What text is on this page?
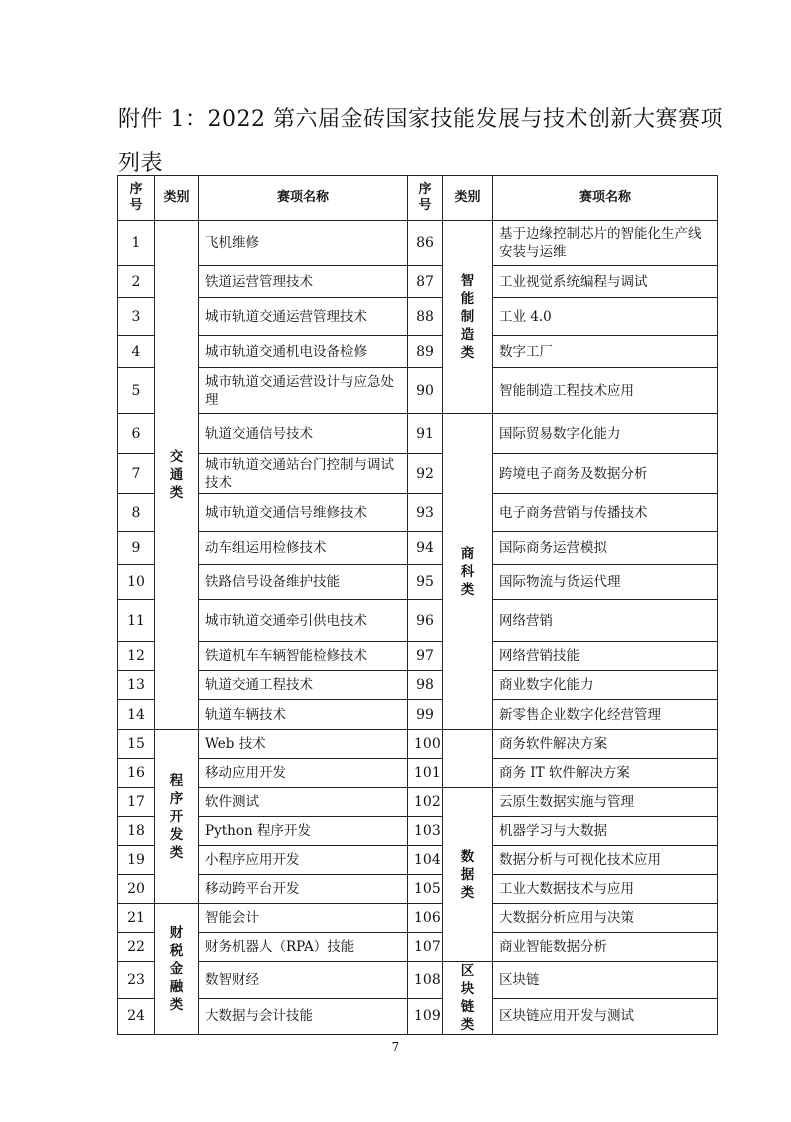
附件 1：2022 第六届金砖国家技能发展与技术创新大赛赛项列表
序号	类别	赛项名称	序号	类别	赛项名称
1	交通类	飞机维修	86	智能制造类	基于边缘控制芯片的智能化生产线安装与运维
2		铁道运营管理技术	87		工业视觉系统编程与调试
3		城市轨道交通运营管理技术	88		工业 4.0
4		城市轨道交通机电设备检修	89		数字工厂
5		城市轨道交通运营设计与应急处理	90		智能制造工程技术应用
6		轨道交通信号技术	91	商科类	国际贸易数字化能力
7		城市轨道交通站台门控制与调试技术	92		跨境电子商务及数据分析
8		城市轨道交通信号维修技术	93		电子商务营销与传播技术
9		动车组运用检修技术	94		国际商务运营模拟
10		铁路信号设备维护技能	95		国际物流与货运代理
11		城市轨道交通牵引供电技术	96		网络营销
12		铁道机车车辆智能检修技术	97		网络营销技能
13		轨道交通工程技术	98		商业数字化能力
14		轨道车辆技术	99		新零售企业数字化经营管理
15	程序开发类	Web 技术	100		商务软件解决方案
16		移动应用开发	101		商务 IT 软件解决方案
17		软件测试	102	数据类	云原生数据实施与管理
18		Python 程序开发	103		机器学习与大数据
19		小程序应用开发	104		数据分析与可视化技术应用
20		移动跨平台开发	105		工业大数据技术与应用
21	财税金融类	智能会计	106		大数据分析应用与决策
22		财务机器人（RPA）技能	107		商业智能数据分析
23		数智财经	108	区块链类	区块链
24		大数据与会计技能	109		区块链应用开发与测试
7
